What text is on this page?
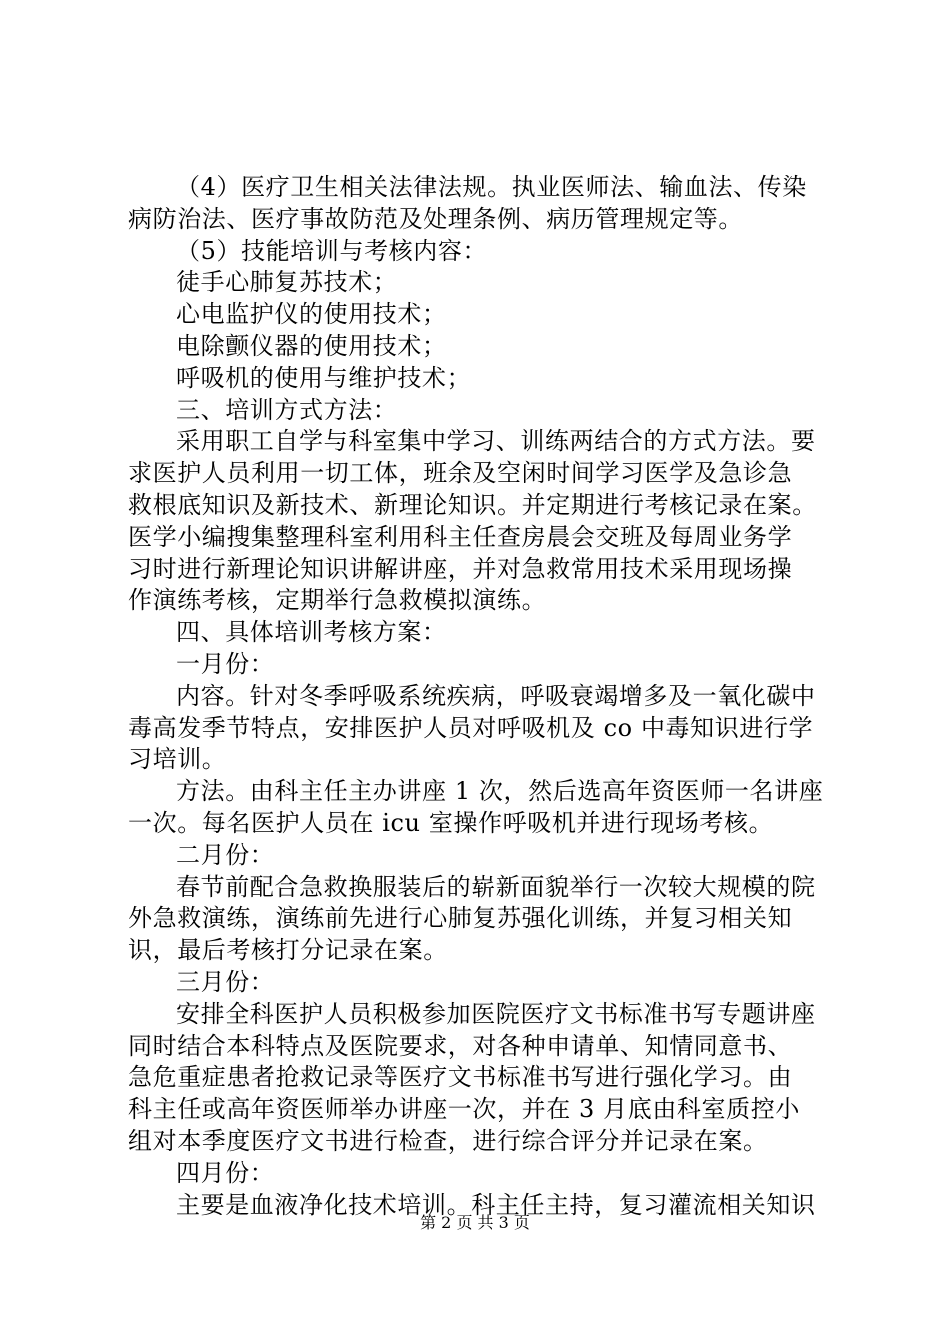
（4）医疗卫生相关法律法规。执业医师法、输血法、传染
病防治法、医疗事故防范及处理条例、病历管理规定等。
（5）技能培训与考核内容：
徒手心肺复苏技术；
心电监护仪的使用技术；
电除颤仪器的使用技术；
呼吸机的使用与维护技术；
三、培训方式方法：
采用职工自学与科室集中学习、训练两结合的方式方法。要
求医护人员利用一切工体，班余及空闲时间学习医学及急诊急
救根底知识及新技术、新理论知识。并定期进行考核记录在案。
医学小编搜集整理科室利用科主任查房晨会交班及每周业务学
习时进行新理论知识讲解讲座，并对急救常用技术采用现场操
作演练考核，定期举行急救模拟演练。
四、具体培训考核方案：
一月份：
内容。针对冬季呼吸系统疾病，呼吸衰竭增多及一氧化碳中
毒高发季节特点，安排医护人员对呼吸机及 co 中毒知识进行学
习培训。
方法。由科主任主办讲座 1 次，然后选高年资医师一名讲座
一次。每名医护人员在 icu 室操作呼吸机并进行现场考核。
二月份：
春节前配合急救换服装后的崭新面貌举行一次较大规模的院
外急救演练，演练前先进行心肺复苏强化训练，并复习相关知
识，最后考核打分记录在案。
三月份：
安排全科医护人员积极参加医院医疗文书标准书写专题讲座
同时结合本科特点及医院要求，对各种申请单、知情同意书、
急危重症患者抢救记录等医疗文书标准书写进行强化学习。由
科主任或高年资医师举办讲座一次，并在 3 月底由科室质控小
组对本季度医疗文书进行检查，进行综合评分并记录在案。
四月份：
主要是血液净化技术培训。科主任主持，复习灌流相关知识
第 2 页 共 3 页
